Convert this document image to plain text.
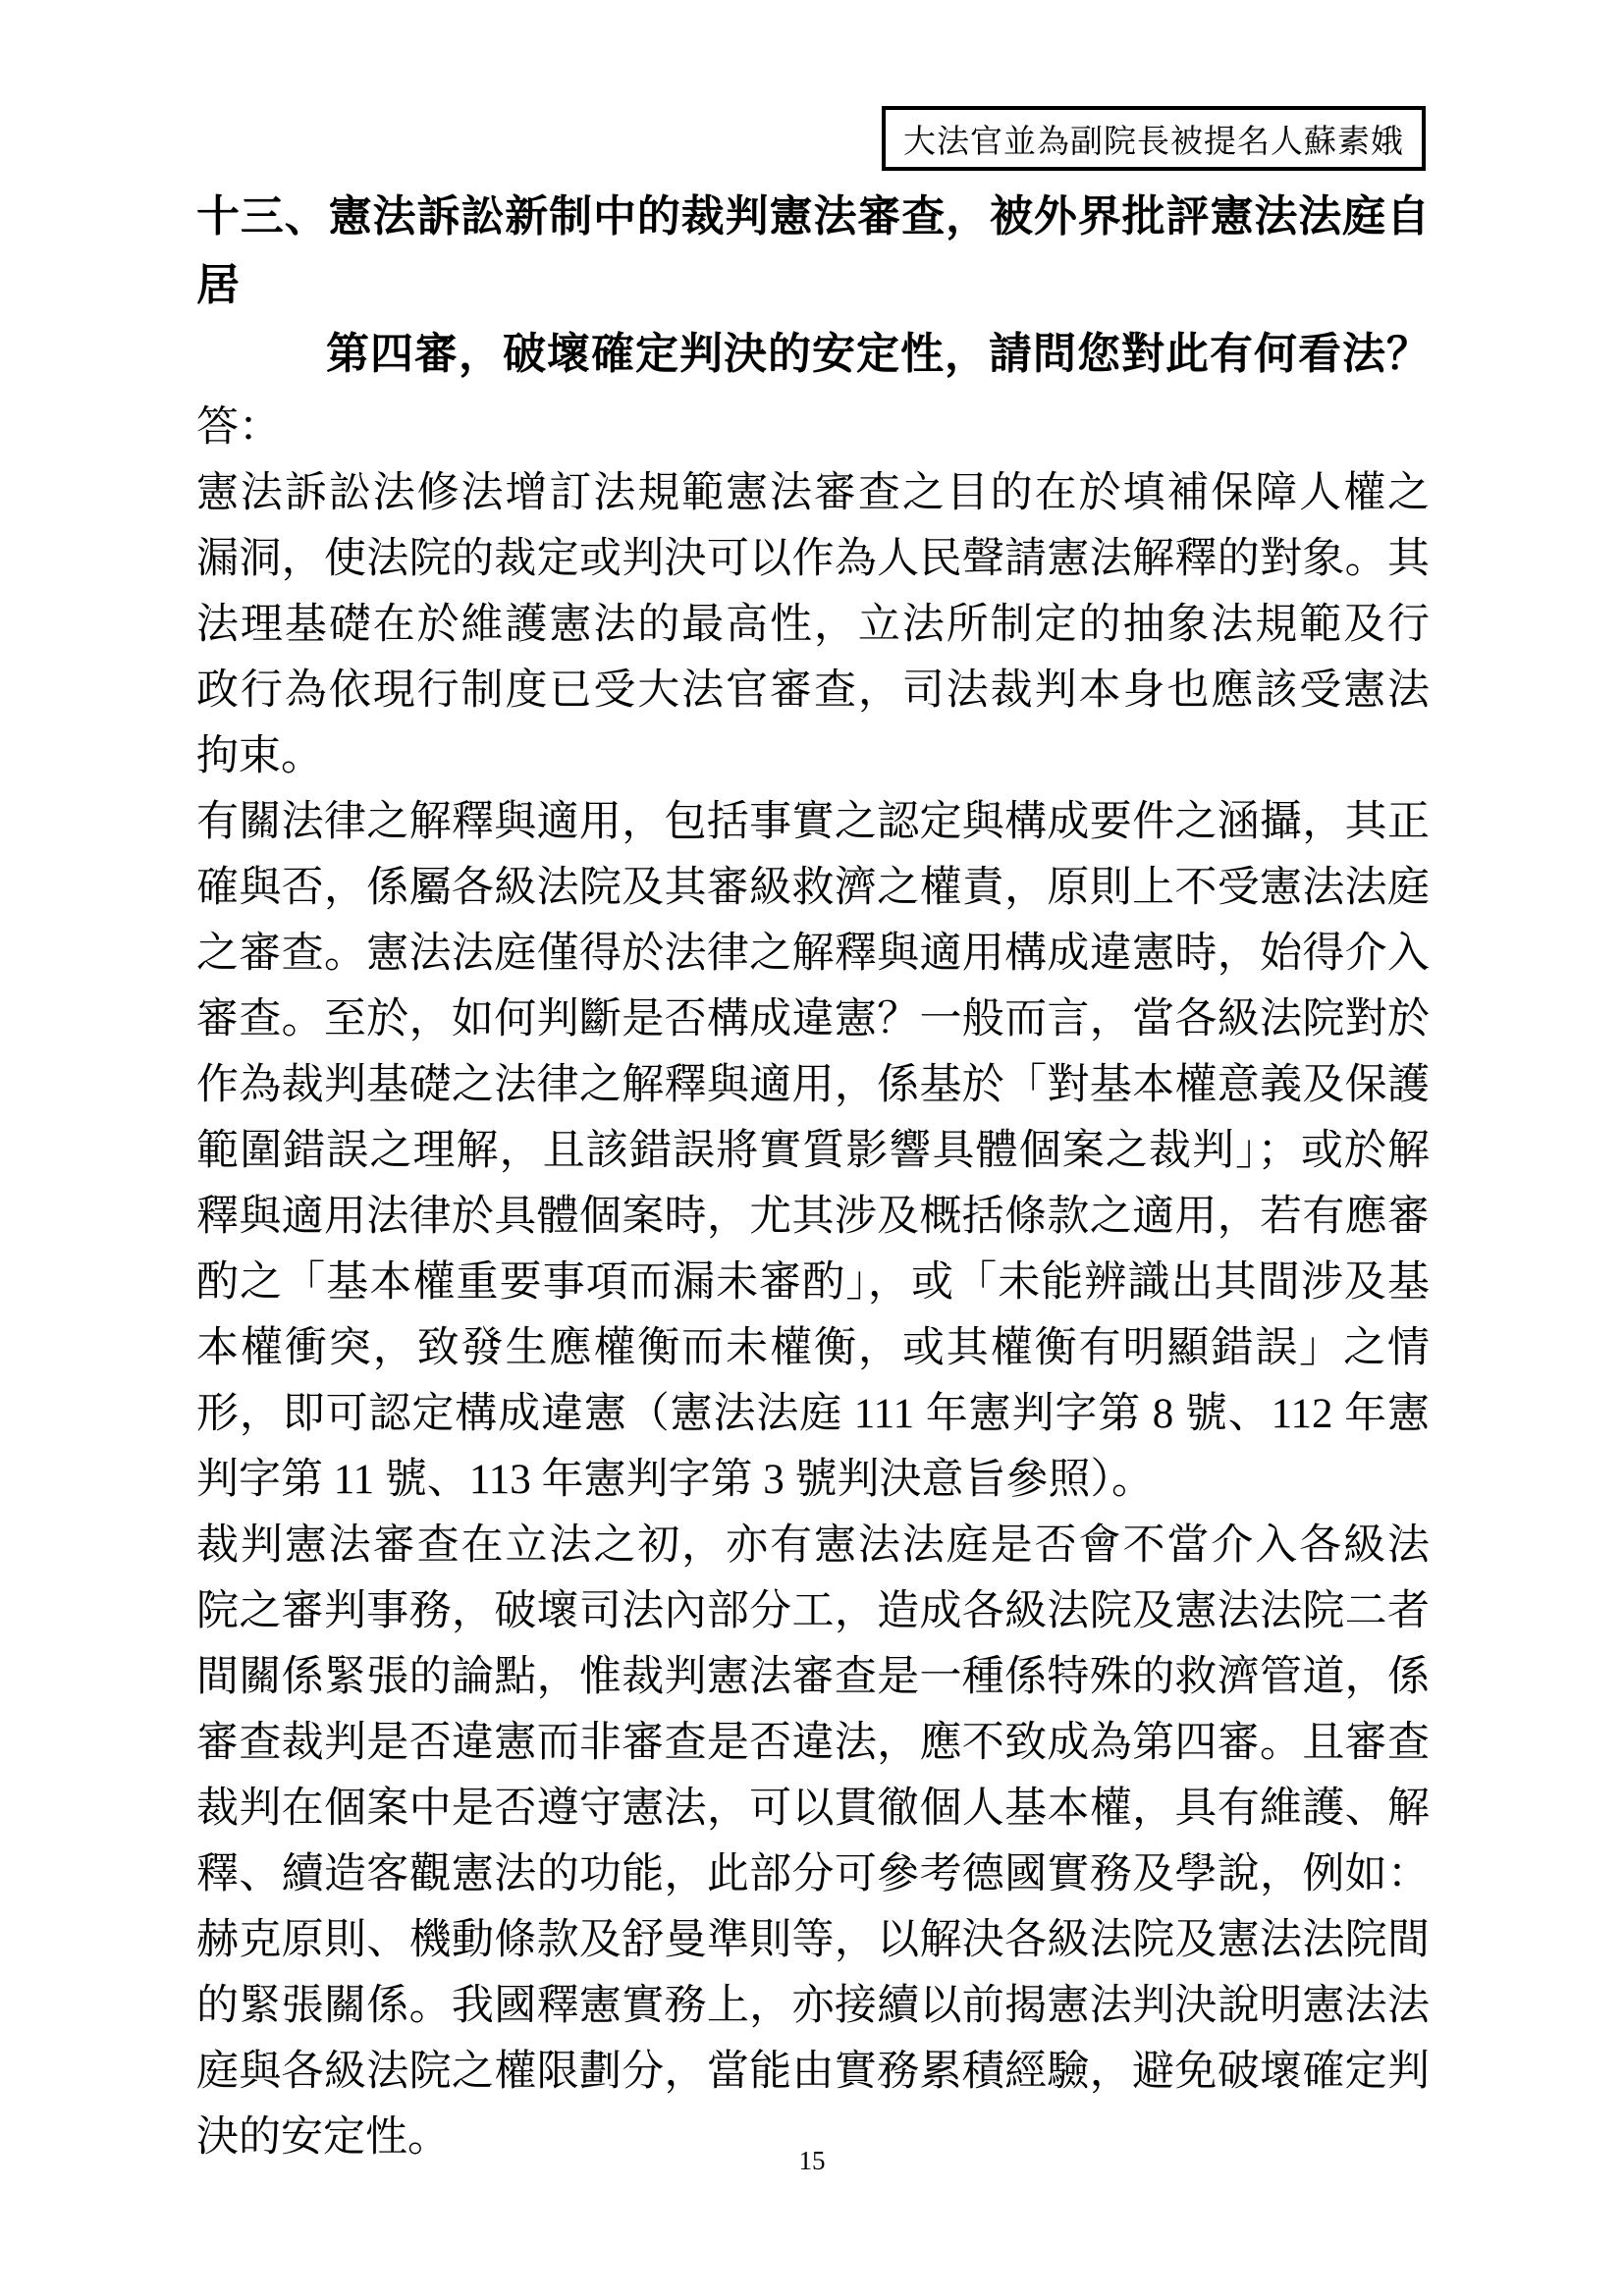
大法官並為副院長被提名人蘇素娥
十三、憲法訴訟新制中的裁判憲法審查，被外界批評憲法法庭自居
第四審，破壞確定判決的安定性，請問您對此有何看法？
答：
憲法訴訟法修法增訂法規範憲法審查之目的在於填補保障人權之
漏洞，使法院的裁定或判決可以作為人民聲請憲法解釋的對象。其
法理基礎在於維護憲法的最高性，立法所制定的抽象法規範及行
政行為依現行制度已受大法官審查，司法裁判本身也應該受憲法
拘束。
有關法律之解釋與適用，包括事實之認定與構成要件之涵攝，其正
確與否，係屬各級法院及其審級救濟之權責，原則上不受憲法法庭
之審查。憲法法庭僅得於法律之解釋與適用構成違憲時，始得介入
審查。至於，如何判斷是否構成違憲？一般而言，當各級法院對於
作為裁判基礎之法律之解釋與適用，係基於「對基本權意義及保護
範圍錯誤之理解，且該錯誤將實質影響具體個案之裁判」；或於解
釋與適用法律於具體個案時，尤其涉及概括條款之適用，若有應審
酌之「基本權重要事項而漏未審酌」，或「未能辨識出其間涉及基
本權衝突，致發生應權衡而未權衡，或其權衡有明顯錯誤」之情
形，即可認定構成違憲（憲法法庭 111 年憲判字第 8 號、112 年憲
判字第 11 號、113 年憲判字第 3 號判決意旨參照）。
裁判憲法審查在立法之初，亦有憲法法庭是否會不當介入各級法
院之審判事務，破壞司法內部分工，造成各級法院及憲法法院二者
間關係緊張的論點，惟裁判憲法審查是一種係特殊的救濟管道，係
審查裁判是否違憲而非審查是否違法，應不致成為第四審。且審查
裁判在個案中是否遵守憲法，可以貫徹個人基本權，具有維護、解
釋、續造客觀憲法的功能，此部分可參考德國實務及學說，例如：
赫克原則、機動條款及舒曼準則等，以解決各級法院及憲法法院間
的緊張關係。我國釋憲實務上，亦接續以前揭憲法判決說明憲法法
庭與各級法院之權限劃分，當能由實務累積經驗，避免破壞確定判
決的安定性。	15
